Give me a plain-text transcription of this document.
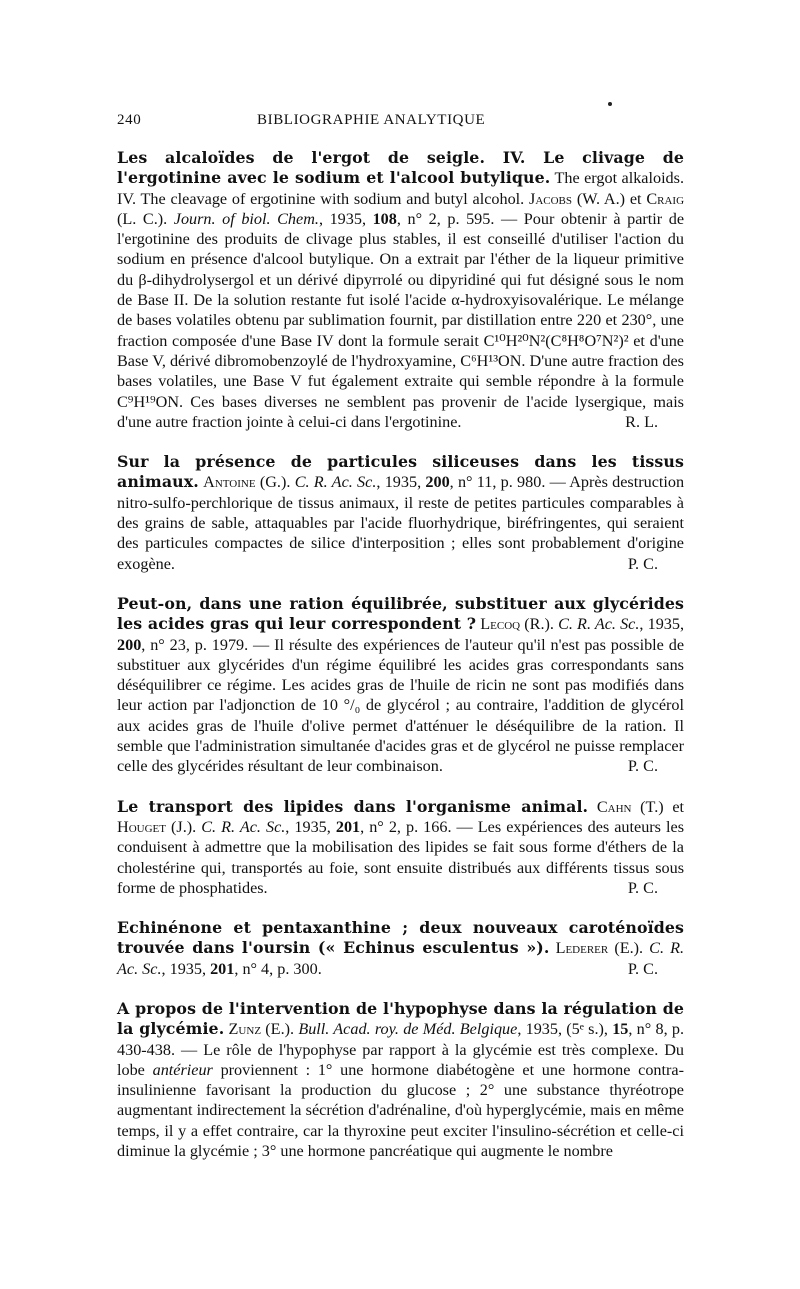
240	BIBLIOGRAPHIE ANALYTIQUE
Les alcaloïdes de l'ergot de seigle. IV. Le clivage de l'ergotinine avec le sodium et l'alcool butylique. The ergot alkaloids. IV. The cleavage of ergotinine with sodium and butyl alcohol. Jacobs (W. A.) et Craig (L. C.). Journ. of biol. Chem., 1935, 108, n° 2, p. 595. — Pour obtenir à partir de l'ergotinine des produits de clivage plus stables, il est conseillé d'utiliser l'action du sodium en présence d'alcool butylique. On a extrait par l'éther de la liqueur primitive du β-dihydrolysergol et un dérivé dipyrrolé ou dipyridiné qui fut désigné sous le nom de Base II. De la solution restante fut isolé l'acide α-hydroxyisovalérique. Le mélange de bases volatiles obtenu par sublimation fournit, par distillation entre 220 et 230°, une fraction composée d'une Base IV dont la formule serait C¹⁰H²⁰N²(C⁸H⁸O⁷N²)² et d'une Base V, dérivé dibromobenzoylé de l'hydroxyamine, C⁶H¹³ON. D'une autre fraction des bases volatiles, une Base V fut également extraite qui semble répondre à la formule C⁹H¹⁹ON. Ces bases diverses ne semblent pas provenir de l'acide lysergique, mais d'une autre fraction jointe à celui-ci dans l'ergotinine.	R. L.
Sur la présence de particules siliceuses dans les tissus animaux. Antoine (G.). C. R. Ac. Sc., 1935, 200, n° 11, p. 980. — Après destruction nitro-sulfo-perchlorique de tissus animaux, il reste de petites particules comparables à des grains de sable, attaquables par l'acide fluorhydrique, biréfringentes, qui seraient des particules compactes de silice d'interposition ; elles sont probablement d'origine exogène.	P. C.
Peut-on, dans une ration équilibrée, substituer aux glycérides les acides gras qui leur correspondent ? Lecoq (R.). C. R. Ac. Sc., 1935, 200, n° 23, p. 1979. — Il résulte des expériences de l'auteur qu'il n'est pas possible de substituer aux glycérides d'un régime équilibré les acides gras correspondants sans déséquilibrer ce régime. Les acides gras de l'huile de ricin ne sont pas modifiés dans leur action par l'adjonction de 10 °/₀ de glycérol ; au contraire, l'addition de glycérol aux acides gras de l'huile d'olive permet d'atténuer le déséquilibre de la ration. Il semble que l'administration simultanée d'acides gras et de glycérol ne puisse remplacer celle des glycérides résultant de leur combinaison.	P. C.
Le transport des lipides dans l'organisme animal. Cahn (T.) et Houget (J.). C. R. Ac. Sc., 1935, 201, n° 2, p. 166. — Les expériences des auteurs les conduisent à admettre que la mobilisation des lipides se fait sous forme d'éthers de la cholestérine qui, transportés au foie, sont ensuite distribués aux différents tissus sous forme de phosphatides.	P. C.
Echinénone et pentaxanthine ; deux nouveaux caroténoïdes trouvée dans l'oursin (« Echinus esculentus »). Lederer (E.). C. R. Ac. Sc., 1935, 201, n° 4, p. 300.	P. C.
A propos de l'intervention de l'hypophyse dans la régulation de la glycémie. Zunz (E.). Bull. Acad. roy. de Méd. Belgique, 1935, (5ᵉ s.), 15, n° 8, p. 430-438. — Le rôle de l'hypophyse par rapport à la glycémie est très complexe. Du lobe antérieur proviennent : 1° une hormone diabétogène et une hormone contra-insulinienne favorisant la production du glucose ; 2° une substance thyréotrope augmentant indirectement la sécrétion d'adrénaline, d'où hyperglycémie, mais en même temps, il y a effet contraire, car la thyroxine peut exciter l'insulino-sécrétion et celle-ci diminue la glycémie ; 3° une hormone pancréatique qui augmente le nombre
